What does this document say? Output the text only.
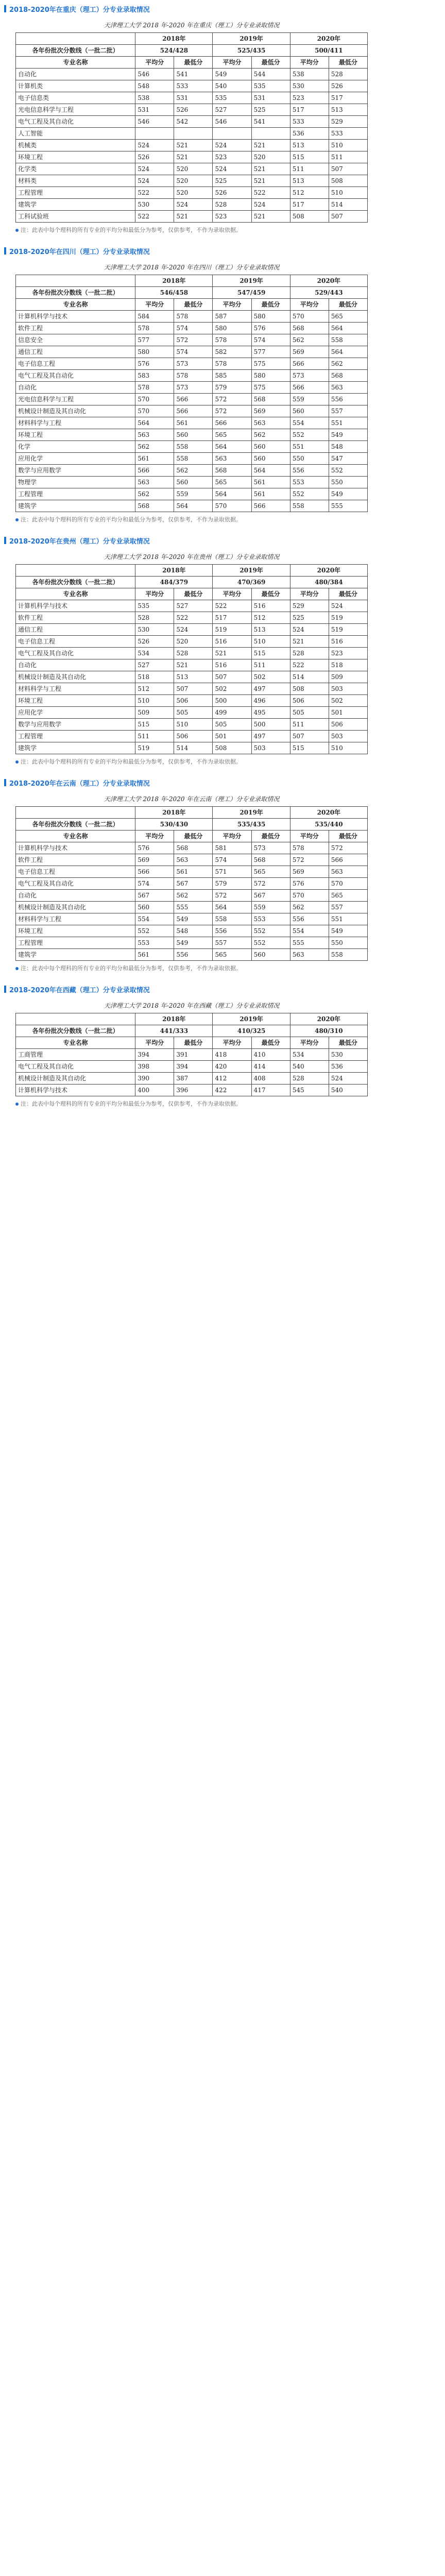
2018-2020年在重庆（理工）分专业录取情况
天津理工大学 2018 年-2020 年在重庆（理工）分专业录取情况
	2018年		2019年		2020年	
各年份批次分数线（一批二批）	524/428		525/435		500/411	
专业名称	平均分	最低分	平均分	最低分	平均分	最低分
自动化	546	541	549	544	538	528
计算机类	548	533	540	535	530	526
电子信息类	538	531	535	531	523	517
光电信息科学与工程	531	526	527	525	517	513
电气工程及其自动化	546	542	546	541	533	529
人工智能					536	533
机械类	524	521	524	521	513	510
环境工程	526	521	523	520	515	511
化学类	524	520	524	521	511	507
材料类	524	520	525	521	513	508
工程管理	522	520	526	522	512	510
建筑学	530	524	528	524	517	514
工科试验班	522	521	523	521	508	507
注：此表中每个理科的所有专业的平均分和最低分为参考，仅供参考，不作为录取依据。
2018-2020年在四川（理工）分专业录取情况
天津理工大学 2018 年-2020 年在四川（理工）分专业录取情况
	2018年		2019年		2020年	
各年份批次分数线（一批二批）	546/458		547/459		529/443	
专业名称	平均分	最低分	平均分	最低分	平均分	最低分
计算机科学与技术	584	578	587	580	570	565
软件工程	578	574	580	576	568	564
信息安全	577	572	578	574	562	558
通信工程	580	574	582	577	569	564
电子信息工程	576	573	578	575	566	562
电气工程及其自动化	583	578	585	580	573	568
自动化	578	573	579	575	566	563
光电信息科学与工程	570	566	572	568	559	556
机械设计制造及其自动化	570	566	572	569	560	557
材料科学与工程	564	561	566	563	554	551
环境工程	563	560	565	562	552	549
化学	562	558	564	560	551	548
应用化学	561	558	563	560	550	547
数学与应用数学	566	562	568	564	556	552
物理学	563	560	565	561	553	550
工程管理	562	559	564	561	552	549
建筑学	568	564	570	566	558	555
注：此表中每个理科的所有专业的平均分和最低分为参考，仅供参考，不作为录取依据。
2018-2020年在贵州（理工）分专业录取情况
天津理工大学 2018 年-2020 年在贵州（理工）分专业录取情况
	2018年		2019年		2020年	
各年份批次分数线（一批二批）	484/379		470/369		480/384	
专业名称	平均分	最低分	平均分	最低分	平均分	最低分
计算机科学与技术	535	527	522	516	529	524
软件工程	528	522	517	512	525	519
通信工程	530	524	519	513	524	519
电子信息工程	526	520	516	510	521	516
电气工程及其自动化	534	528	521	515	528	523
自动化	527	521	516	511	522	518
机械设计制造及其自动化	518	513	507	502	514	509
材料科学与工程	512	507	502	497	508	503
环境工程	510	506	500	496	506	502
应用化学	509	505	499	495	505	501
数学与应用数学	515	510	505	500	511	506
工程管理	511	506	501	497	507	503
建筑学	519	514	508	503	515	510
注：此表中每个理科的所有专业的平均分和最低分为参考，仅供参考，不作为录取依据。
2018-2020年在云南（理工）分专业录取情况
天津理工大学 2018 年-2020 年在云南（理工）分专业录取情况
	2018年		2019年		2020年	
各年份批次分数线（一批二批）	530/430		535/435		535/440	
专业名称	平均分	最低分	平均分	最低分	平均分	最低分
计算机科学与技术	576	568	581	573	578	572
软件工程	569	563	574	568	572	566
电子信息工程	566	561	571	565	569	563
电气工程及其自动化	574	567	579	572	576	570
自动化	567	562	572	567	570	565
机械设计制造及其自动化	560	555	564	559	562	557
材料科学与工程	554	549	558	553	556	551
环境工程	552	548	556	552	554	549
工程管理	553	549	557	552	555	550
建筑学	561	556	565	560	563	558
注：此表中每个理科的所有专业的平均分和最低分为参考，仅供参考，不作为录取依据。
2018-2020年在西藏（理工）分专业录取情况
天津理工大学 2018 年-2020 年在西藏（理工）分专业录取情况
	2018年		2019年		2020年	
各年份批次分数线（一批二批）	441/333		410/325		480/310	
专业名称	平均分	最低分	平均分	最低分	平均分	最低分
工商管理	394	391	418	410	534	530
电气工程及其自动化	398	394	420	414	540	536
机械设计制造及其自动化	390	387	412	408	528	524
计算机科学与技术	400	396	422	417	545	540
注：此表中每个理科的所有专业的平均分和最低分为参考，仅供参考，不作为录取依据。
